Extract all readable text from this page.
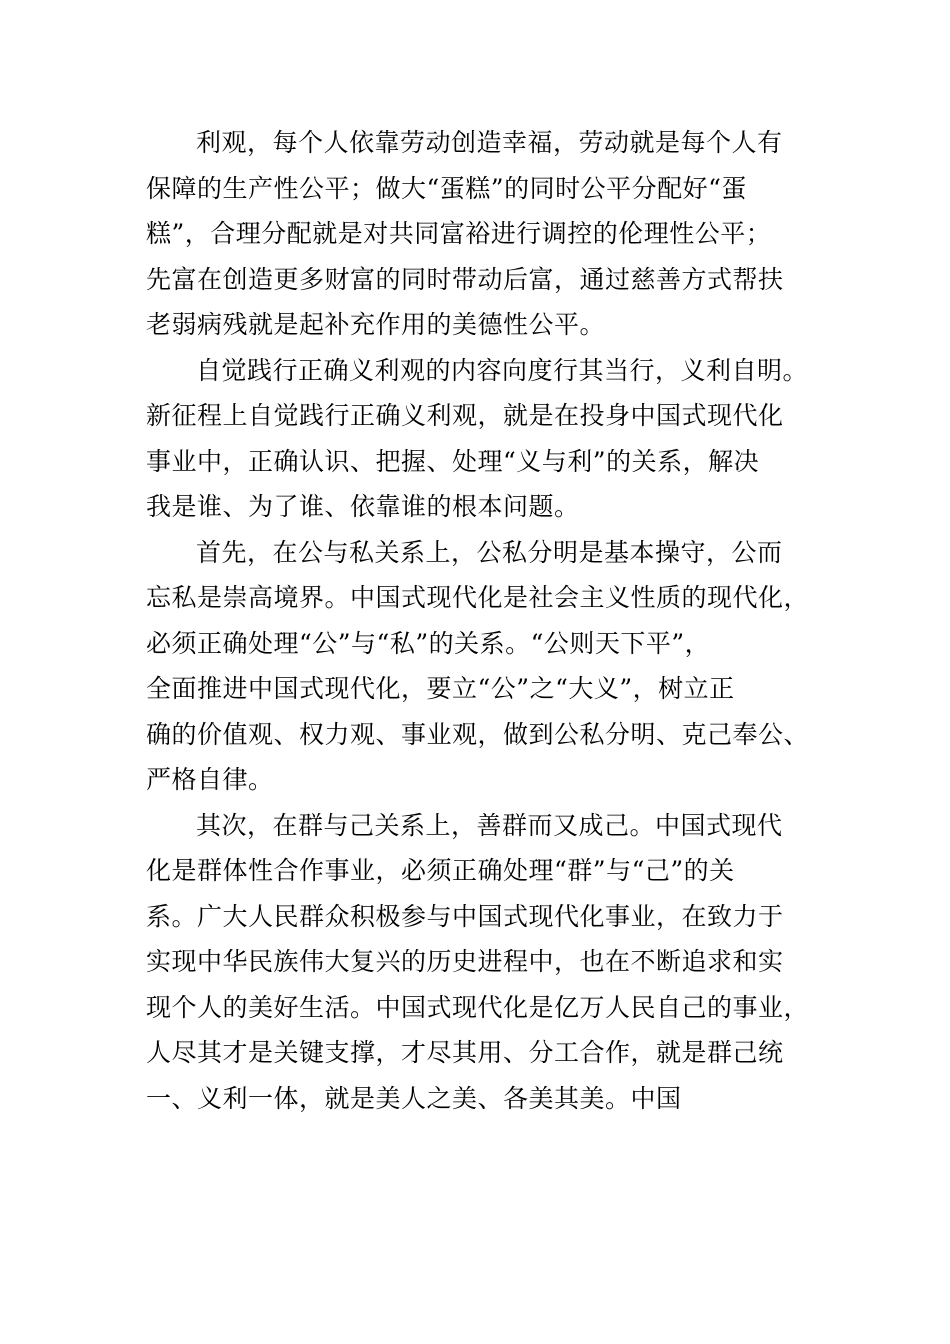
利观，每个人依靠劳动创造幸福，劳动就是每个人有
保障的生产性公平；做大“蛋糕”的同时公平分配好“蛋
糕”，合理分配就是对共同富裕进行调控的伦理性公平；
先富在创造更多财富的同时带动后富，通过慈善方式帮扶
老弱病残就是起补充作用的美德性公平。
自觉践行正确义利观的内容向度行其当行，义利自明。
新征程上自觉践行正确义利观，就是在投身中国式现代化
事业中，正确认识、把握、处理“义与利”的关系，解决
我是谁、为了谁、依靠谁的根本问题。
首先，在公与私关系上，公私分明是基本操守，公而
忘私是崇高境界。中国式现代化是社会主义性质的现代化，
必须正确处理“公”与“私”的关系。“公则天下平”，
全面推进中国式现代化，要立“公”之“大义”，树立正
确的价值观、权力观、事业观，做到公私分明、克己奉公、
严格自律。
其次，在群与己关系上，善群而又成己。中国式现代
化是群体性合作事业，必须正确处理“群”与“己”的关
系。广大人民群众积极参与中国式现代化事业，在致力于
实现中华民族伟大复兴的历史进程中，也在不断追求和实
现个人的美好生活。中国式现代化是亿万人民自己的事业，
人尽其才是关键支撑，才尽其用、分工合作，就是群己统
一、义利一体，就是美人之美、各美其美。中国
